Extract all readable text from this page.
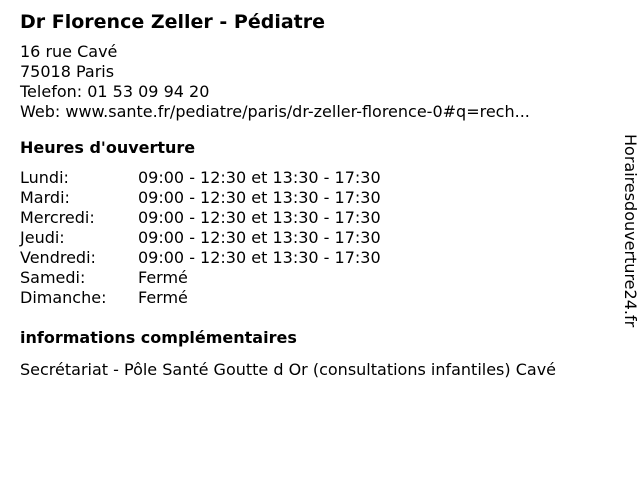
Dr Florence Zeller - Pédiatre
16 rue Cavé
75018 Paris
Telefon: 01 53 09 94 20
Web: www.sante.fr/pediatre/paris/dr-zeller-florence-0#q=rech...
Heures d'ouverture
Lundi:	09:00 - 12:30 et 13:30 - 17:30
Mardi:	09:00 - 12:30 et 13:30 - 17:30
Mercredi:	09:00 - 12:30 et 13:30 - 17:30
Jeudi:	09:00 - 12:30 et 13:30 - 17:30
Vendredi:	09:00 - 12:30 et 13:30 - 17:30
Samedi:	Fermé
Dimanche:	Fermé
informations complémentaires

Secrétariat - Pôle Santé Goutte d Or (consultations infantiles) Cavé

Horairesdouverture24.fr
